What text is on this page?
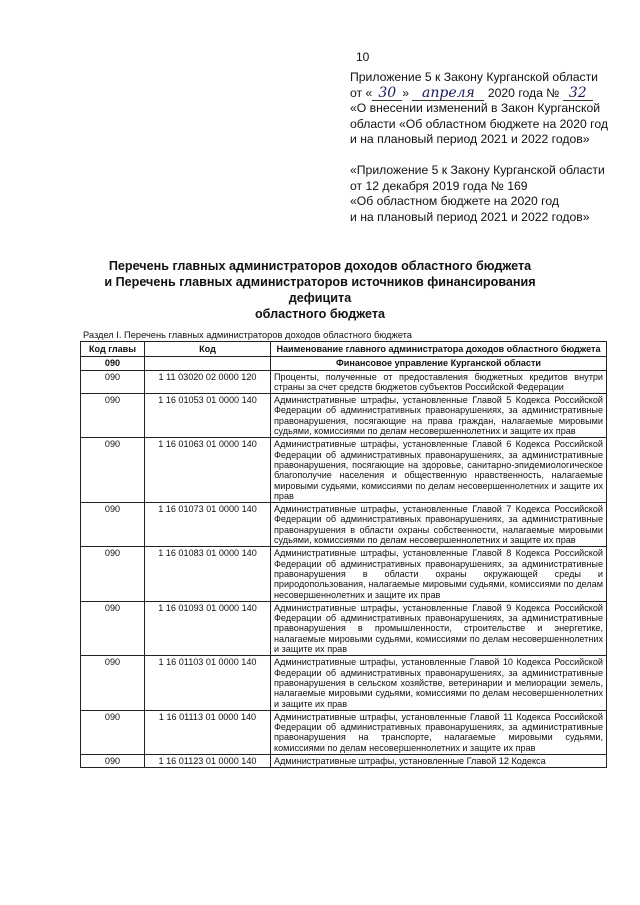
10
Приложение 5 к Закону Курганской области
от « 30 » апреля 2020 года № 32
«О внесении изменений в Закон Курганской
области «Об областном бюджете на 2020 год
и на плановый период 2021 и 2022 годов»
«Приложение 5 к Закону Курганской области
от 12 декабря 2019 года № 169
«Об областном бюджете на 2020 год
и на плановый период 2021 и 2022 годов»
Перечень главных администраторов доходов областного бюджета
и Перечень главных администраторов источников финансирования дефицита
областного бюджета
Раздел I. Перечень главных администраторов доходов областного бюджета
Код главы	Код	Наименование главного администратора доходов областного бюджета
090		Финансовое управление Курганской области
090	1 11 03020 02 0000 120	Проценты, полученные от предоставления бюджетных кредитов внутри страны за счет средств бюджетов субъектов Российской Федерации
090	1 16 01053 01 0000 140	Административные штрафы, установленные Главой 5 Кодекса Российской Федерации об административных правонарушениях, за административные правонарушения, посягающие на права граждан, налагаемые мировыми судьями, комиссиями по делам несовершеннолетних и защите их прав
090	1 16 01063 01 0000 140	Административные штрафы, установленные Главой 6 Кодекса Российской Федерации об административных правонарушениях, за административные правонарушения, посягающие на здоровье, санитарно-эпидемиологическое благополучие населения и общественную нравственность, налагаемые мировыми судьями, комиссиями по делам несовершеннолетних и защите их прав
090	1 16 01073 01 0000 140	Административные штрафы, установленные Главой 7 Кодекса Российской Федерации об административных правонарушениях, за административные правонарушения в области охраны собственности, налагаемые мировыми судьями, комиссиями по делам несовершеннолетних и защите их прав
090	1 16 01083 01 0000 140	Административные штрафы, установленные Главой 8 Кодекса Российской Федерации об административных правонарушениях, за административные правонарушения в области охраны окружающей среды и природопользования, налагаемые мировыми судьями, комиссиями по делам несовершеннолетних и защите их прав
090	1 16 01093 01 0000 140	Административные штрафы, установленные Главой 9 Кодекса Российской Федерации об административных правонарушениях, за административные правонарушения в промышленности, строительстве и энергетике, налагаемые мировыми судьями, комиссиями по делам несовершеннолетних и защите их прав
090	1 16 01103 01 0000 140	Административные штрафы, установленные Главой 10 Кодекса Российской Федерации об административных правонарушениях, за административные правонарушения в сельском хозяйстве, ветеринарии и мелиорации земель, налагаемые мировыми судьями, комиссиями по делам несовершеннолетних и защите их прав
090	1 16 01113 01 0000 140	Административные штрафы, установленные Главой 11 Кодекса Российской Федерации об административных правонарушениях, за административные правонарушения на транспорте, налагаемые мировыми судьями, комиссиями по делам несовершеннолетних и защите их прав
090	1 16 01123 01 0000 140	Административные штрафы, установленные Главой 12 Кодекса
